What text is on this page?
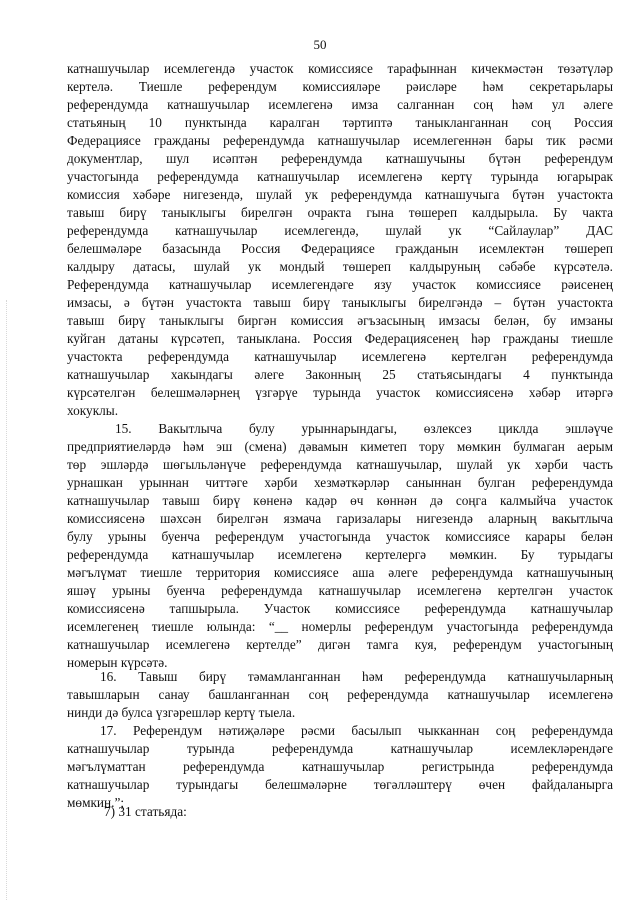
50
катнашучылар исемлегендә участок комиссиясе тарафыннан кичекмәстән төзәтүләр
кертелә. Тиешле референдум комиссияләре рәисләре һәм секретарьлары
референдумда катнашучылар исемлегенә имза салганнан соң һәм ул әлеге
статьяның 10 пунктында каралган тәртиптә таныкланганнан соң Россия
Федерациясе гражданы референдумда катнашучылар исемлегеннән бары тик рәсми
документлар, шул исәптән референдумда катнашучыны бүтән референдум
участогында референдумда катнашучылар исемлегенә кертү турында югарырак
комиссия хәбәре нигезендә, шулай ук референдумда катнашучыга бүтән участокта
тавыш бирү таныклыгы бирелгән очракта гына төшереп калдырыла. Бу чакта
референдумда катнашучылар исемлегендә, шулай ук “Сайлаулар” ДАС
белешмәләре базасында Россия Федерациясе гражданын исемлектән төшереп
калдыру датасы, шулай ук мондый төшереп калдыруның сәбәбе күрсәтелә.
Референдумда катнашучылар исемлегендәге язу участок комиссиясе рәисенең
имзасы, ә бүтән участокта тавыш бирү таныклыгы бирелгәндә – бүтән участокта
тавыш бирү таныклыгы биргән комиссия әгъзасының имзасы белән, бу имзаны
куйган датаны күрсәтеп, таныклана. Россия Федерациясенең һәр гражданы тиешле
участокта референдумда катнашучылар исемлегенә кертелгән референдумда
катнашучылар хакындагы әлеге Законның 25 статьясындагы 4 пунктында
күрсәтелгән белешмәләрнең үзгәрүе турында участок комиссиясенә хәбәр итәргә
хокуклы.
15. Вакытлыча булу урыннарындагы, өзлексез циклда эшләүче
предприятиеләрдә һәм эш (смена) дәвамын киметеп тору мөмкин булмаган аерым
төр эшләрдә шөгыльләнүче референдумда катнашучылар, шулай ук хәрби часть
урнашкан урыннан читтәге хәрби хезмәткәрләр саныннан булган референдумда
катнашучылар тавыш бирү көненә кадәр өч көннән дә соңга калмыйча участок
комиссиясенә шәхсән бирелгән язмача гаризалары нигезендә аларның вакытлыча
булу урыны буенча референдум участогында участок комиссиясе карары белән
референдумда катнашучылар исемлегенә кертелергә мөмкин. Бу турыдагы
мәгълүмат тиешле территория комиссиясе аша әлеге референдумда катнашучының
яшәү урыны буенча референдумда катнашучылар исемлегенә кертелгән участок
комиссиясенә тапшырыла. Участок комиссиясе референдумда катнашучылар
исемлегенең тиешле юлында: “__ номерлы референдум участогында референдумда
катнашучылар исемлегенә кертелде” дигән тамга куя, референдум участогының
номерын күрсәтә.
16. Тавыш бирү тәмамланганнан һәм референдумда катнашучыларның
тавышларын санау башланганнан соң референдумда катнашучылар исемлегенә
нинди дә булса үзгәрешләр кертү тыела.
17. Референдум нәтиҗәләре рәсми басылып чыкканнан соң референдумда
катнашучылар турында референдумда катнашучылар исемлекләрендәге
мәгълүматтан референдумда катнашучылар регистрында референдумда
катнашучылар турындагы белешмәләрне төгәлләштерү өчен файдаланырга
мөмкин.”;
7) 31 статьяда:
